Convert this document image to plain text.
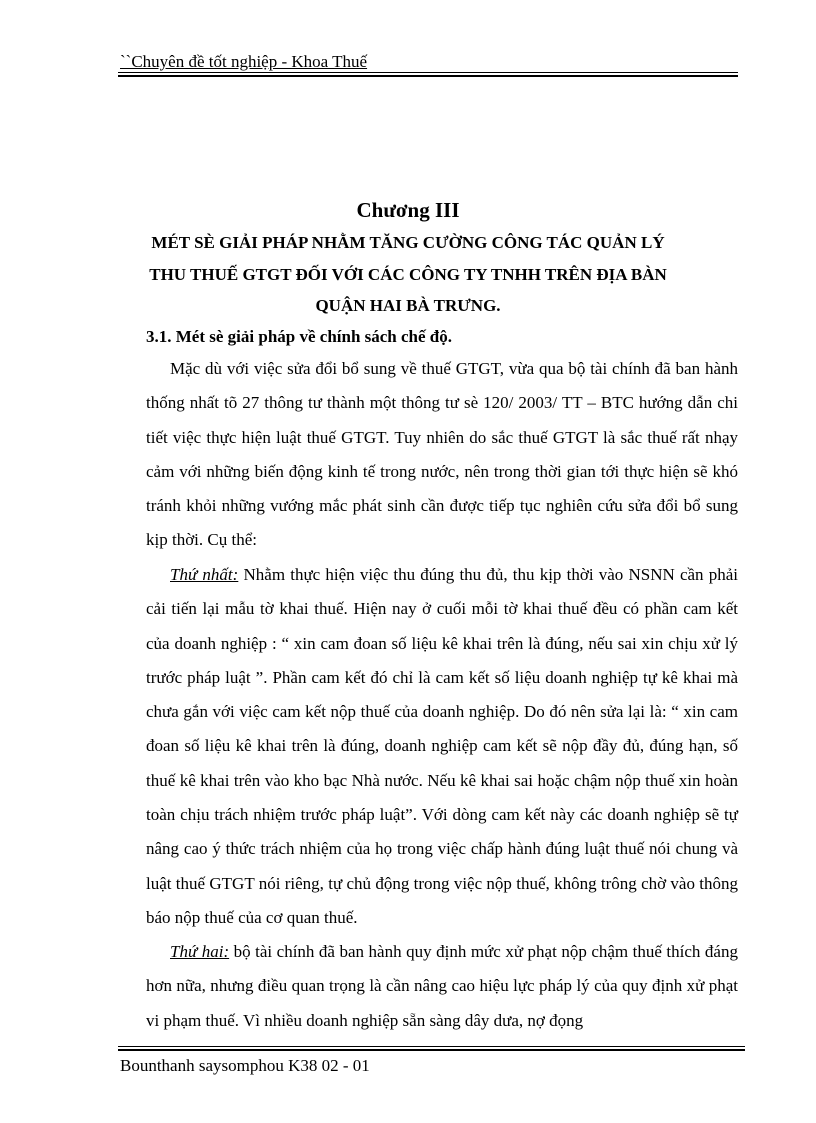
``Chuyên đề tốt nghiệp - Khoa Thuế
Chương III
MÉT SÈ GIẢI PHÁP NHẰM TĂNG CƯỜNG CÔNG TÁC QUẢN LÝ
THU THUẾ GTGT ĐỐI VỚI CÁC CÔNG TY TNHH TRÊN ĐỊA BÀN
QUẬN HAI BÀ TRƯNG.
3.1. Mét sè giải pháp về chính sách chế độ.

Mặc dù với việc sửa đổi bổ sung về thuế GTGT, vừa qua bộ tài chính đã ban hành thống nhất tõ 27 thông tư thành một thông tư sè 120/ 2003/ TT – BTC hướng dẫn chi tiết việc thực hiện luật thuế GTGT. Tuy nhiên do sắc thuế GTGT là sắc thuế rất nhạy cảm với những biến động kinh tế trong nước, nên trong thời gian tới thực hiện sẽ khó tránh khỏi những vướng mắc phát sinh cần được tiếp tục nghiên cứu sửa đổi bổ sung kịp thời. Cụ thể:

Thứ nhất: Nhằm thực hiện việc thu đúng thu đủ, thu kịp thời vào NSNN cần phải cải tiến lại mẫu tờ khai thuế. Hiện nay ở cuối mỗi tờ khai thuế đều có phần cam kết của doanh nghiệp : “ xin cam đoan số liệu kê khai trên là đúng, nếu sai xin chịu xử lý trước pháp luật ”. Phần cam kết đó chỉ là cam kết số liệu doanh nghiệp tự kê khai mà chưa gắn với việc cam kết nộp thuế của doanh nghiệp. Do đó nên sửa lại là: “ xin cam đoan số liệu kê khai trên là đúng, doanh nghiệp cam kết sẽ nộp đầy đủ, đúng hạn, số thuế kê khai trên vào kho bạc Nhà nước. Nếu kê khai sai hoặc chậm nộp thuế xin hoàn toàn chịu trách nhiệm trước pháp luật”. Với dòng cam kết này các doanh nghiệp sẽ tự nâng cao ý thức trách nhiệm của họ trong việc chấp hành đúng luật thuế nói chung và luật thuế GTGT nói riêng, tự chủ động trong việc nộp thuế, không trông chờ vào thông báo nộp thuế của cơ quan thuế.

Thứ hai: bộ tài chính đã ban hành quy định mức xử phạt nộp chậm thuế thích đáng hơn nữa, nhưng điều quan trọng là cần nâng cao hiệu lực pháp lý của quy định xử phạt vi phạm thuế. Vì nhiều doanh nghiệp sẵn sàng dây dưa, nợ đọng

Bounthanh saysomphou K38 02 - 01
